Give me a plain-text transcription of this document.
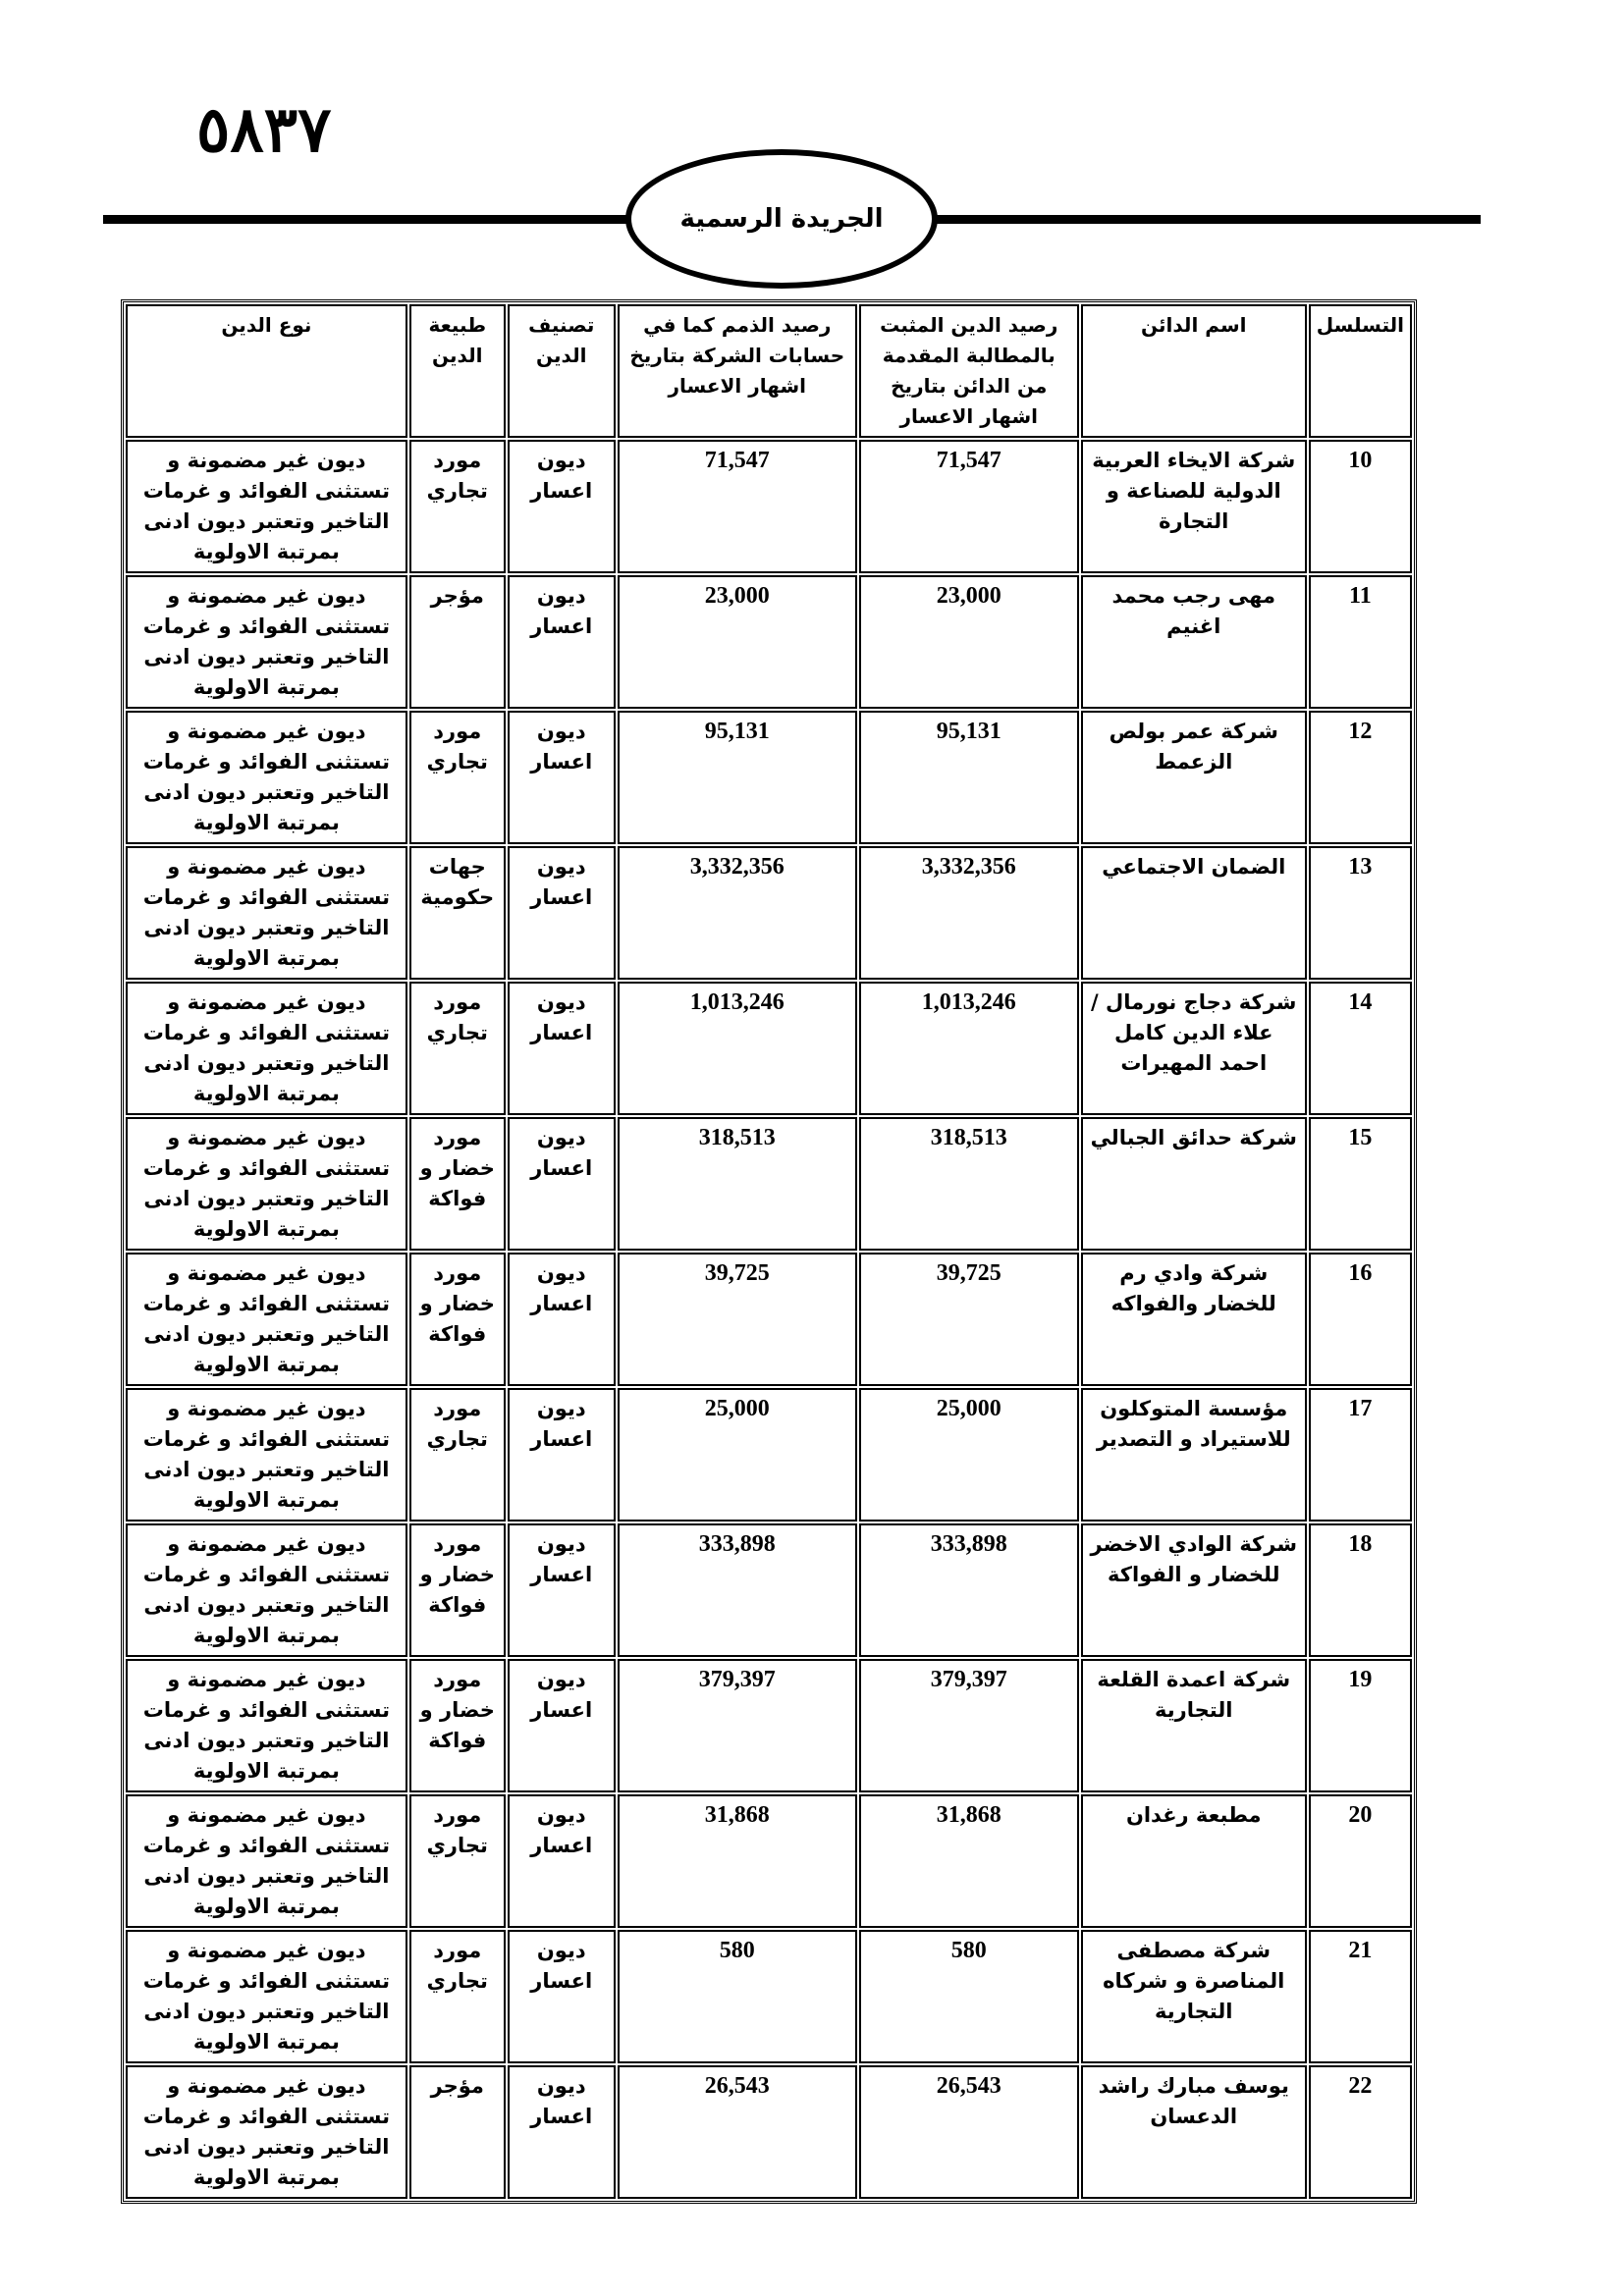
٥٨٣٧
الجريدة الرسمية
التسلسل	اسم الدائن	رصيد الدين المثبت بالمطالبة المقدمة من الدائن بتاريخ اشهار الاعسار	رصيد الذمم كما في حسابات الشركة بتاريخ اشهار الاعسار	تصنيف الدين	طبيعة الدين	نوع الدين
10	شركة الايخاء العربية الدولية للصناعة و التجارة	71,547	71,547	ديون اعسار	مورد تجاري	ديون غير مضمونة و تستثنى الفوائد و غرمات التاخير وتعتبر ديون ادنى بمرتبة الاولوية
11	مهى رجب محمد اغنيم	23,000	23,000	ديون اعسار	مؤجر	ديون غير مضمونة و تستثنى الفوائد و غرمات التاخير وتعتبر ديون ادنى بمرتبة الاولوية
12	شركة عمر بولص الزعمط	95,131	95,131	ديون اعسار	مورد تجاري	ديون غير مضمونة و تستثنى الفوائد و غرمات التاخير وتعتبر ديون ادنى بمرتبة الاولوية
13	الضمان الاجتماعي	3,332,356	3,332,356	ديون اعسار	جهات حكومية	ديون غير مضمونة و تستثنى الفوائد و غرمات التاخير وتعتبر ديون ادنى بمرتبة الاولوية
14	شركة دجاج نورمال / علاء الدين كامل احمد المهيرات	1,013,246	1,013,246	ديون اعسار	مورد تجاري	ديون غير مضمونة و تستثنى الفوائد و غرمات التاخير وتعتبر ديون ادنى بمرتبة الاولوية
15	شركة حدائق الجبالي	318,513	318,513	ديون اعسار	مورد خضار و فواكة	ديون غير مضمونة و تستثنى الفوائد و غرمات التاخير وتعتبر ديون ادنى بمرتبة الاولوية
16	شركة وادي رم للخضار والفواكه	39,725	39,725	ديون اعسار	مورد خضار و فواكة	ديون غير مضمونة و تستثنى الفوائد و غرمات التاخير وتعتبر ديون ادنى بمرتبة الاولوية
17	مؤسسة المتوكلون للاستيراد و التصدير	25,000	25,000	ديون اعسار	مورد تجاري	ديون غير مضمونة و تستثنى الفوائد و غرمات التاخير وتعتبر ديون ادنى بمرتبة الاولوية
18	شركة الوادي الاخضر للخضار و الفواكة	333,898	333,898	ديون اعسار	مورد خضار و فواكة	ديون غير مضمونة و تستثنى الفوائد و غرمات التاخير وتعتبر ديون ادنى بمرتبة الاولوية
19	شركة اعمدة القلعة التجارية	379,397	379,397	ديون اعسار	مورد خضار و فواكة	ديون غير مضمونة و تستثنى الفوائد و غرمات التاخير وتعتبر ديون ادنى بمرتبة الاولوية
20	مطبعة رغدان	31,868	31,868	ديون اعسار	مورد تجاري	ديون غير مضمونة و تستثنى الفوائد و غرمات التاخير وتعتبر ديون ادنى بمرتبة الاولوية
21	شركة مصطفى المناصرة و شركاه التجارية	580	580	ديون اعسار	مورد تجاري	ديون غير مضمونة و تستثنى الفوائد و غرمات التاخير وتعتبر ديون ادنى بمرتبة الاولوية
22	يوسف مبارك راشد الدعسان	26,543	26,543	ديون اعسار	مؤجر	ديون غير مضمونة و تستثنى الفوائد و غرمات التاخير وتعتبر ديون ادنى بمرتبة الاولوية
